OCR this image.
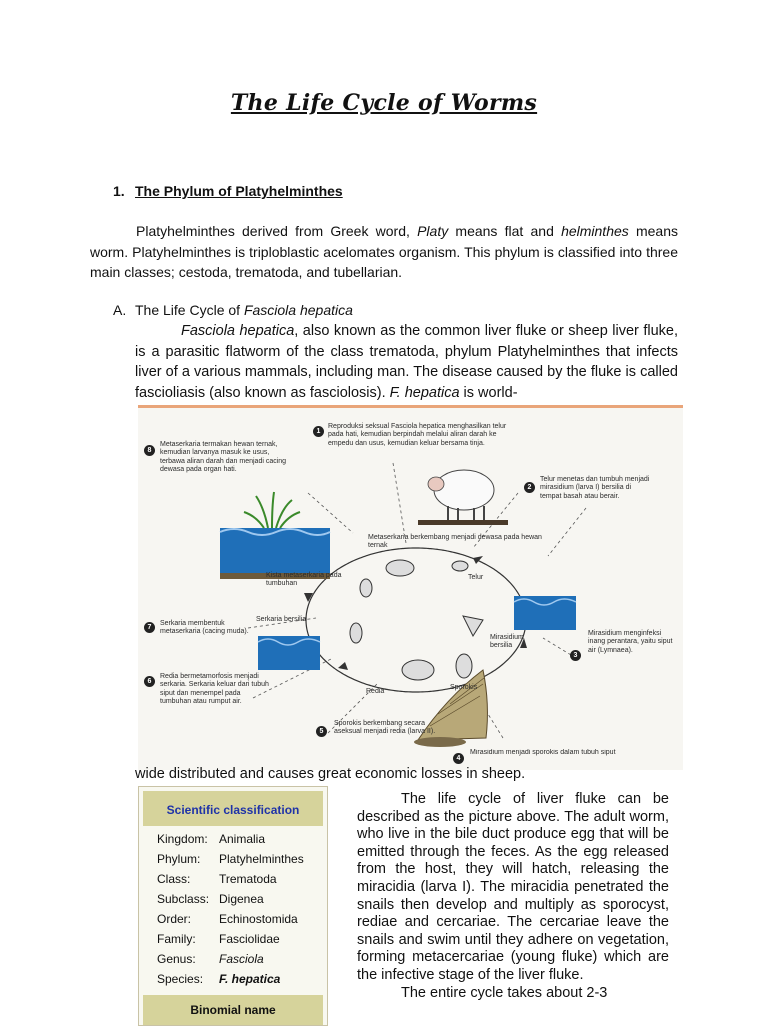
The Life Cycle of Worms
1. The Phylum of Platyhelminthes
Platyhelminthes derived from Greek word, Platy means flat and helminthes means worm. Platyhelminthes is triploblastic acelomates organism. This phylum is classified into three main classes; cestoda, trematoda, and tubellarian.
A. The Life Cycle of Fasciola hepatica
Fasciola hepatica, also known as the common liver fluke or sheep liver fluke, is a parasitic flatworm of the class trematoda, phylum Platyhelminthes that infects liver of a various mammals, including man. The disease caused by the fluke is called fascioliasis (also known as fasciolosis). F. hepatica is world-
1
Reproduksi seksual Fasciola hepatica menghasilkan telur pada hati, kemudian berpindah melalui aliran darah ke empedu dan usus, kemudian keluar bersama tinja.
2
Telur menetas dan tumbuh menjadi mirasidium (larva I) bersilia di tempat basah atau berair.
3
Mirasidium menginfeksi inang perantara, yaitu siput air (Lymnaea).
4
Mirasidium menjadi sporokis dalam tubuh siput
5
Sporokis berkembang secara aseksual menjadi redia (larva II).
6
Redia bermetamorfosis menjadi serkaria. Serkaria keluar dari tubuh siput dan menempel pada tumbuhan atau rumput air.
7
Serkaria membentuk metaserkaria (cacing muda).
8
Metaserkaria termakan hewan ternak, kemudian larvanya masuk ke usus, terbawa aliran darah dan menjadi cacing dewasa pada organ hati.
Metaserkaria berkembang menjadi dewasa pada hewan ternak
Kista metaserkaria pada tumbuhan
Serkaria bersilia
Telur
Mirasidium bersilia
Sporokis
Redia
wide distributed and causes great economic losses in sheep.
Scientific classification
Kingdom: Animalia
Phylum: Platyhelminthes
Class: Trematoda
Subclass: Digenea
Order: Echinostomida
Family: Fasciolidae
Genus: Fasciola
Species: F. hepatica
Binomial name
The life cycle of liver fluke can be described as the picture above. The adult worm, who live in the bile duct produce egg that will be emitted through the feces. As the egg released from the host, they will hatch, releasing the miracidia (larva I). The miracidia penetrated the snails then develop and multiply as sporocyst, rediae and cercariae. The cercariae leave the snails and swim until they adhere on vegetation, forming metacercariae (young fluke) which are the infective stage of the liver fluke.
The entire cycle takes about 2-3
